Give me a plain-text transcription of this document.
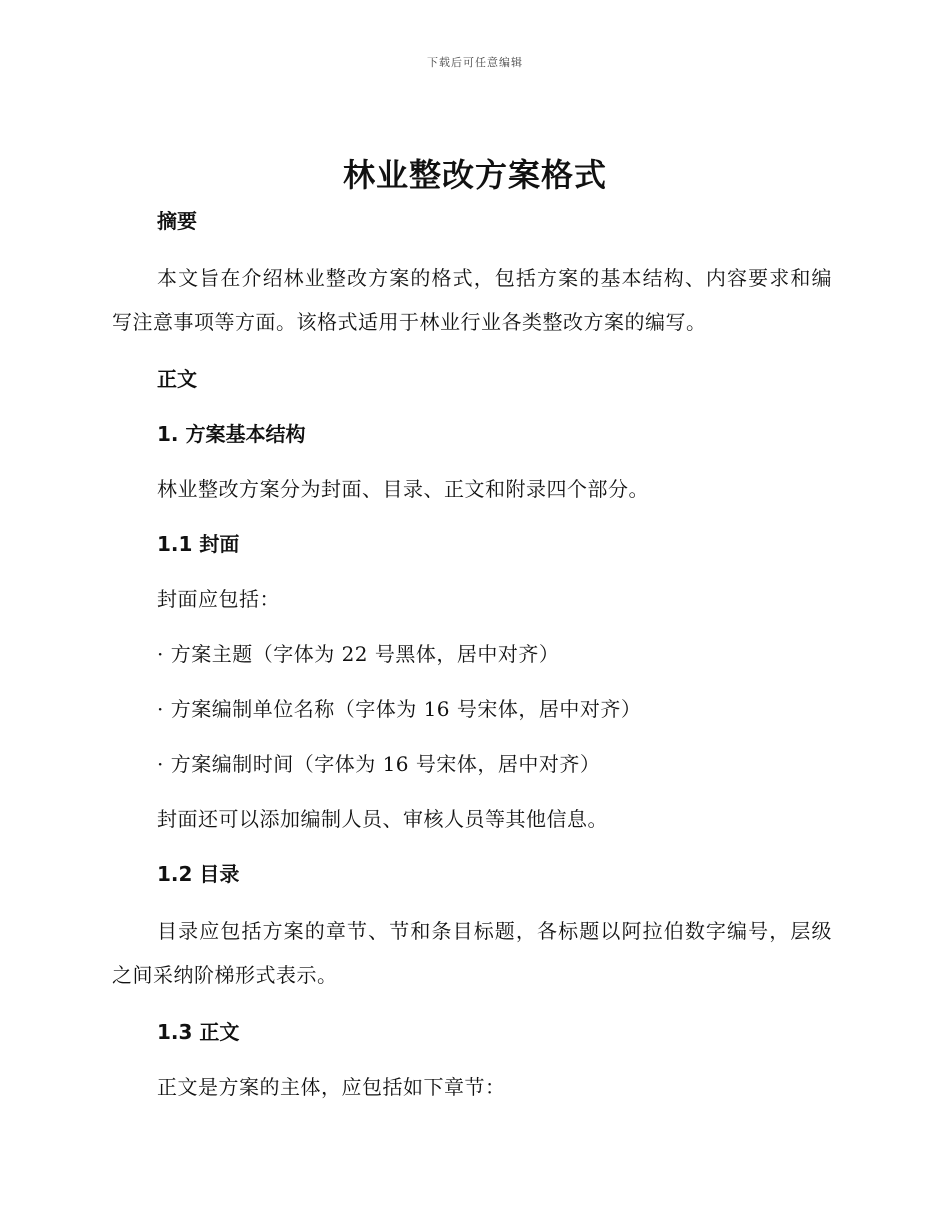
下载后可任意编辑
林业整改方案格式
摘要

本文旨在介绍林业整改方案的格式，包括方案的基本结构、内容要求和编写注意事项等方面。该格式适用于林业行业各类整改方案的编写。

正文
1. 方案基本结构
林业整改方案分为封面、目录、正文和附录四个部分。
1.1 封面
封面应包括：
· 方案主题（字体为 22 号黑体，居中对齐）
· 方案编制单位名称（字体为 16 号宋体，居中对齐）
· 方案编制时间（字体为 16 号宋体，居中对齐）
封面还可以添加编制人员、审核人员等其他信息。
1.2 目录

目录应包括方案的章节、节和条目标题，各标题以阿拉伯数字编号，层级之间采纳阶梯形式表示。

1.3 正文
正文是方案的主体，应包括如下章节：
